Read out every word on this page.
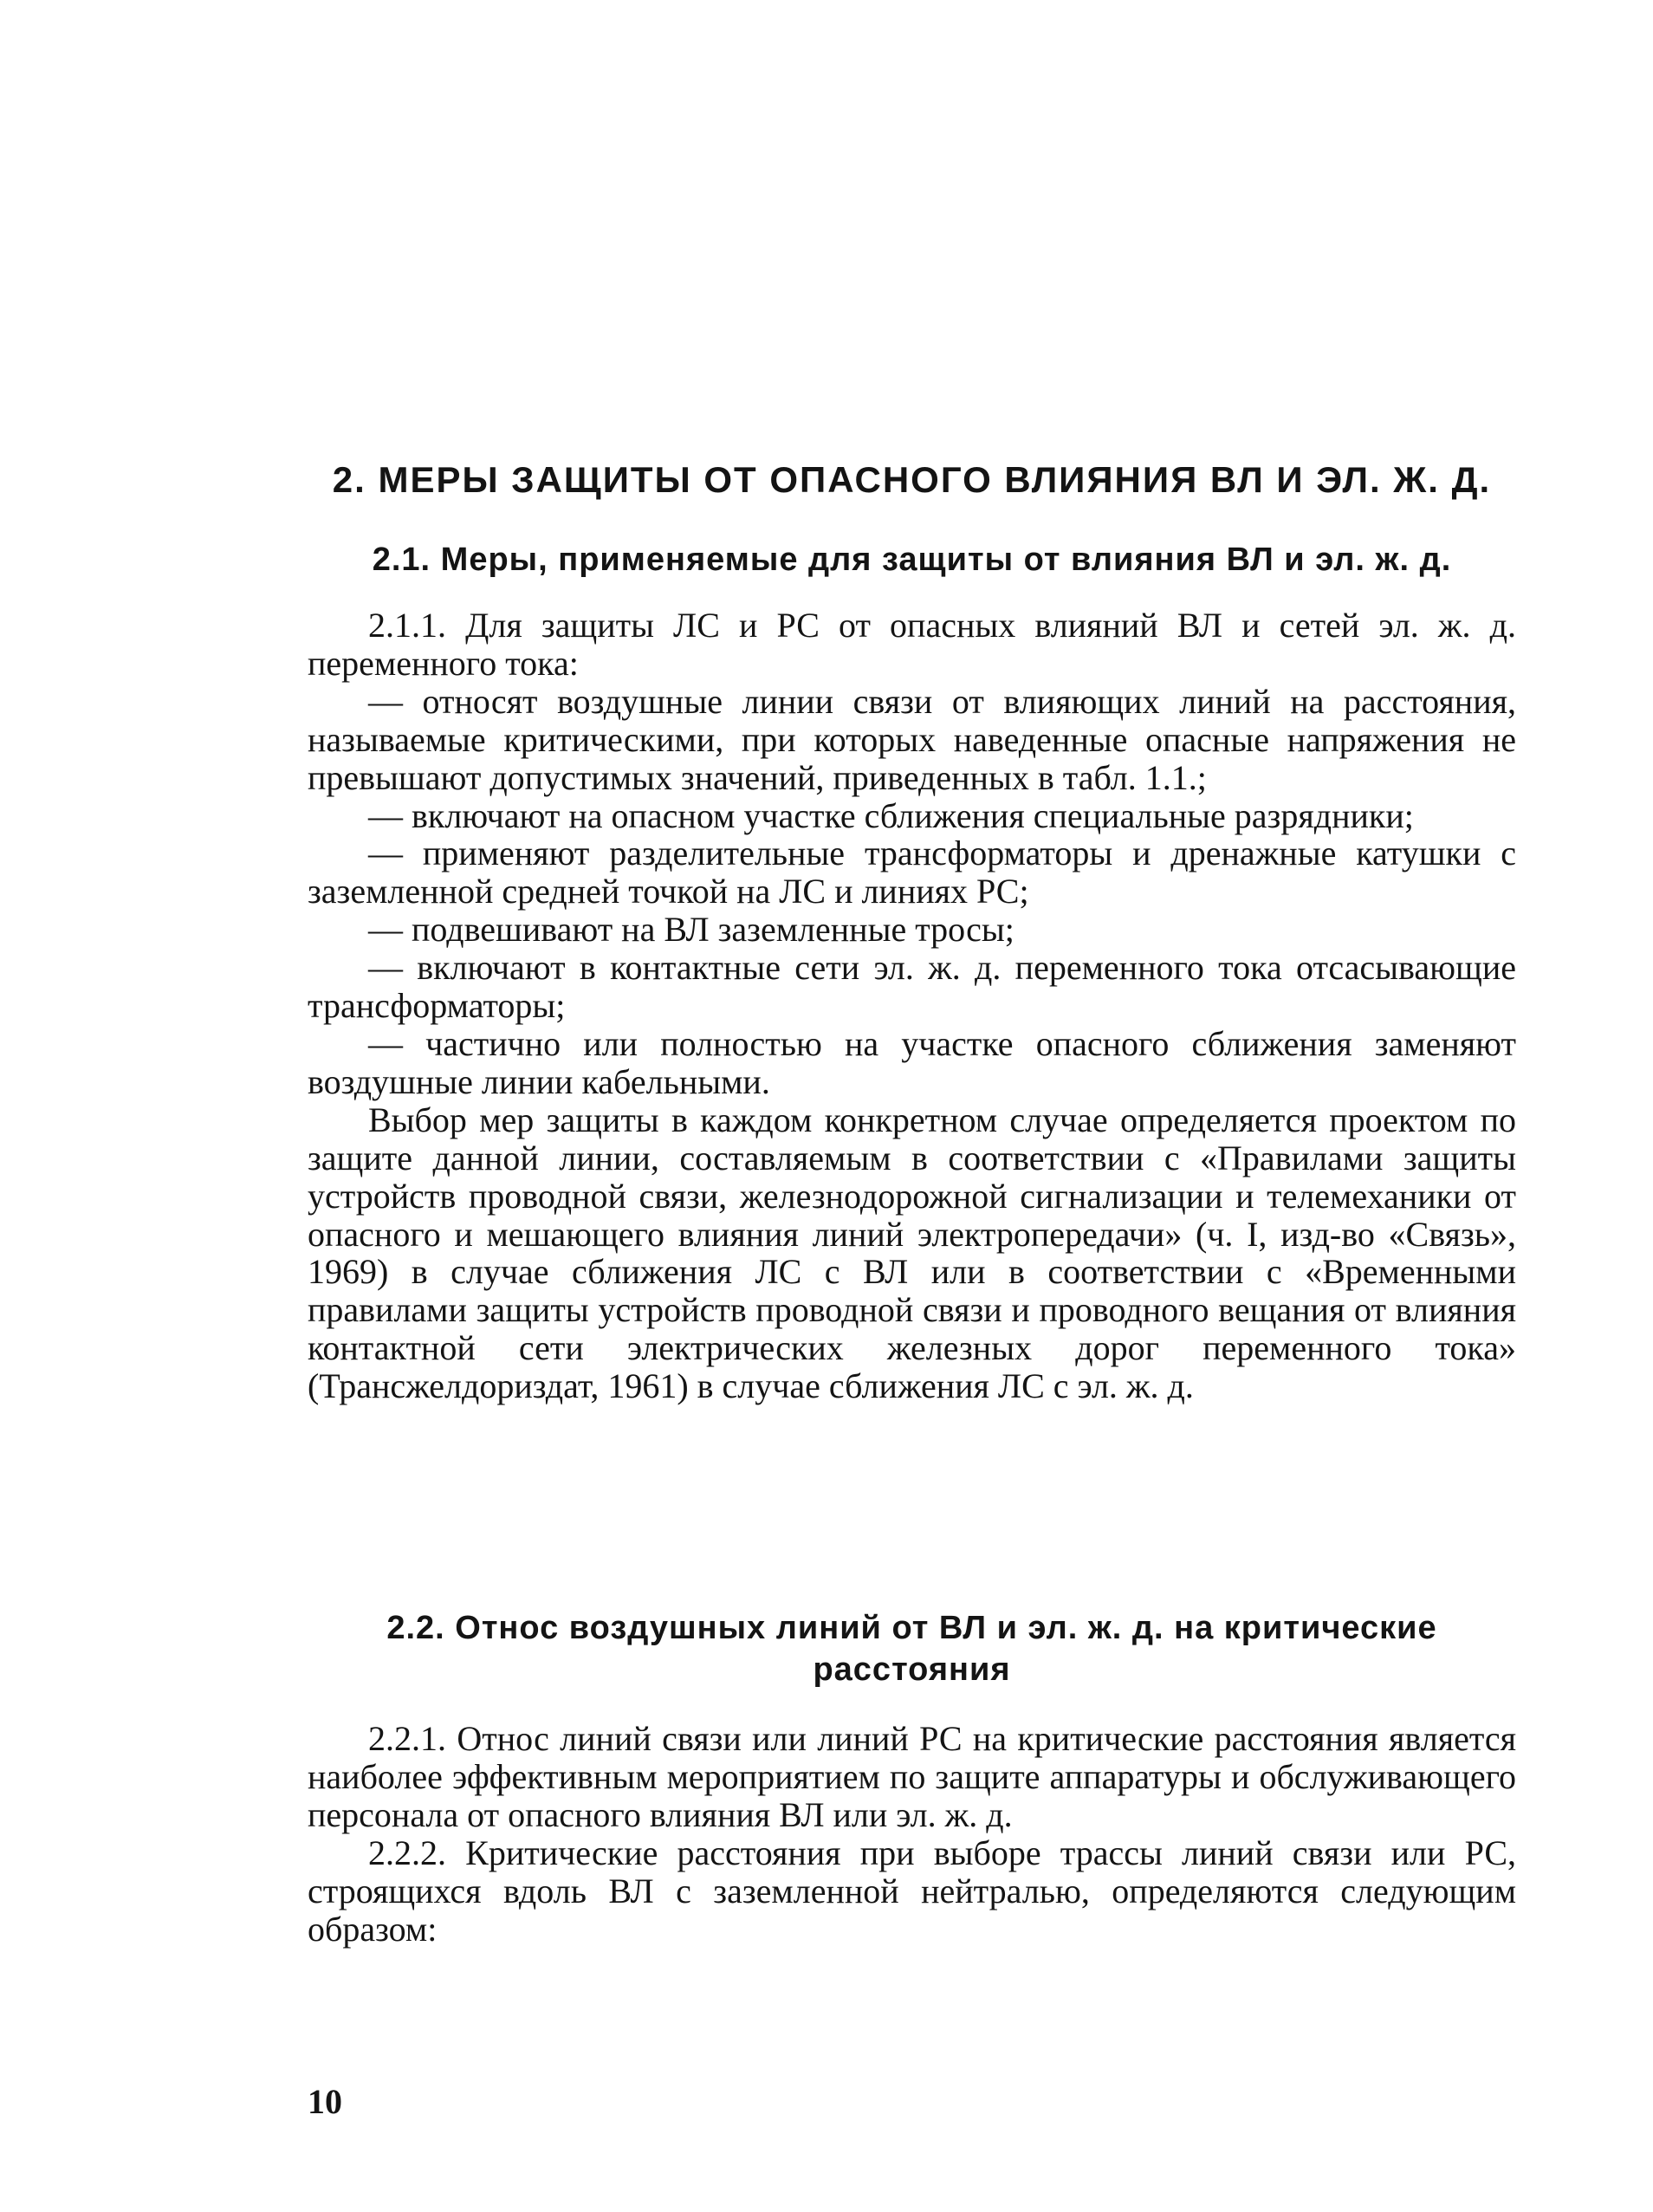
2. МЕРЫ ЗАЩИТЫ ОТ ОПАСНОГО ВЛИЯНИЯ ВЛ И ЭЛ. Ж. Д.
2.1. Меры, применяемые для защиты от влияния ВЛ и эл. ж. д.

2.1.1. Для защиты ЛС и РС от опасных влияний ВЛ и сетей эл. ж. д. переменного тока:

— относят воздушные линии связи от влияющих линий на расстояния, называемые критическими, при которых наведенные опасные напряжения не превышают допустимых значений, приведенных в табл. 1.1.;

— включают на опасном участке сближения специальные разрядники;

— применяют разделительные трансформаторы и дренажные катушки с заземленной средней точкой на ЛС и линиях РС;

— подвешивают на ВЛ заземленные тросы;

— включают в контактные сети эл. ж. д. переменного тока отсасывающие трансформаторы;

— частично или полностью на участке опасного сближения заменяют воздушные линии кабельными.

Выбор мер защиты в каждом конкретном случае определяется проектом по защите данной линии, составляемым в соответствии с «Правилами защиты устройств проводной связи, железнодорожной сигнализации и телемеханики от опасного и мешающего влияния линий электропередачи» (ч. I, изд-во «Связь», 1969) в случае сближения ЛС с ВЛ или в соответствии с «Временными правилами защиты устройств проводной связи и проводного вещания от влияния контактной сети электрических железных дорог переменного тока» (Трансжелдориздат, 1961) в случае сближения ЛС с эл. ж. д.

2.2. Относ воздушных линий от ВЛ и эл. ж. д. на критические
расстояния

2.2.1. Относ линий связи или линий РС на критические расстояния является наиболее эффективным мероприятием по защите аппаратуры и обслуживающего персонала от опасного влияния ВЛ или эл. ж. д.

2.2.2. Критические расстояния при выборе трассы линий связи или РС, строящихся вдоль ВЛ с заземленной нейтралью, определяются следующим образом:

10
